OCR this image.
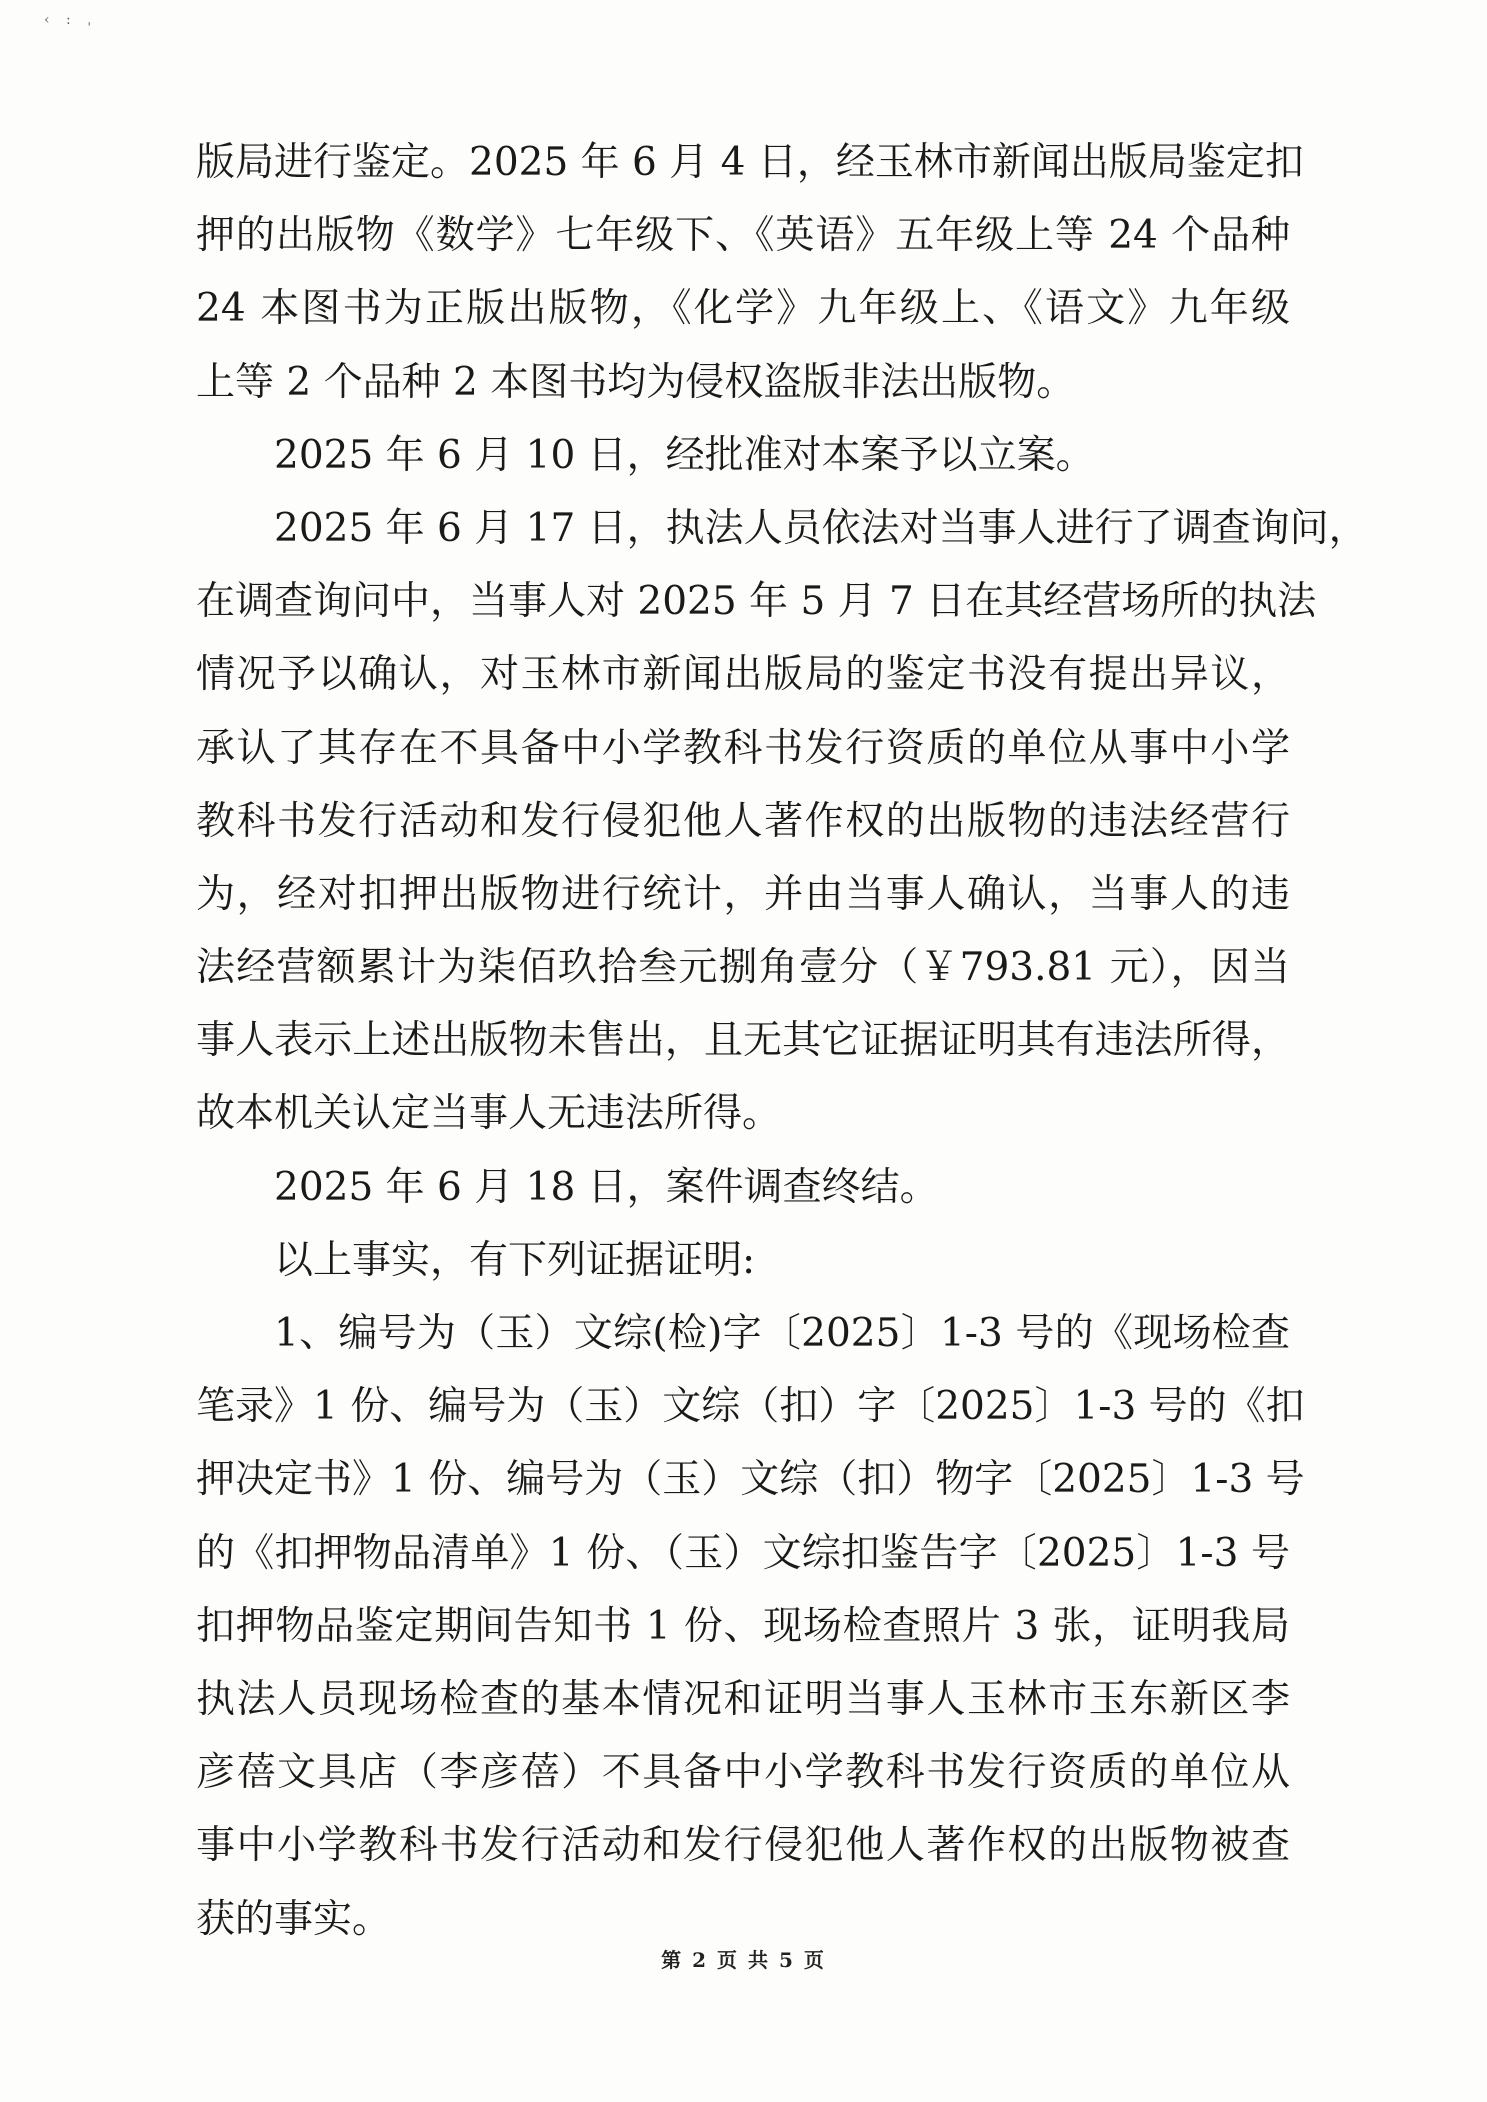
‹ : ˌ
版局进行鉴定。2025 年 6 月 4 日，经玉林市新闻出版局鉴定扣
押的出版物《数学》七年级下、《英语》五年级上等 24 个品种
24 本图书为正版出版物，《化学》九年级上、《语文》九年级
上等 2 个品种 2 本图书均为侵权盗版非法出版物。
2025 年 6 月 10 日，经批准对本案予以立案。
2025 年 6 月 17 日，执法人员依法对当事人进行了调查询问，
在调查询问中，当事人对 2025 年 5 月 7 日在其经营场所的执法
情况予以确认，对玉林市新闻出版局的鉴定书没有提出异议，
承认了其存在不具备中小学教科书发行资质的单位从事中小学
教科书发行活动和发行侵犯他人著作权的出版物的违法经营行
为，经对扣押出版物进行统计，并由当事人确认，当事人的违
法经营额累计为柒佰玖拾叁元捌角壹分（￥793.81 元），因当
事人表示上述出版物未售出，且无其它证据证明其有违法所得，
故本机关认定当事人无违法所得。
2025 年 6 月 18 日，案件调查终结。
以上事实，有下列证据证明:
1、编号为（玉）文综(检)字〔2025〕1-3 号的《现场检查
笔录》1 份、编号为（玉）文综（扣）字〔2025〕1-3 号的《扣
押决定书》1 份、编号为（玉）文综（扣）物字〔2025〕1-3 号
的《扣押物品清单》1 份、（玉）文综扣鉴告字〔2025〕1-3 号
扣押物品鉴定期间告知书 1 份、现场检查照片 3 张，证明我局
执法人员现场检查的基本情况和证明当事人玉林市玉东新区李
彦蓓文具店（李彦蓓）不具备中小学教科书发行资质的单位从
事中小学教科书发行活动和发行侵犯他人著作权的出版物被查
获的事实。
第 2 页 共 5 页
